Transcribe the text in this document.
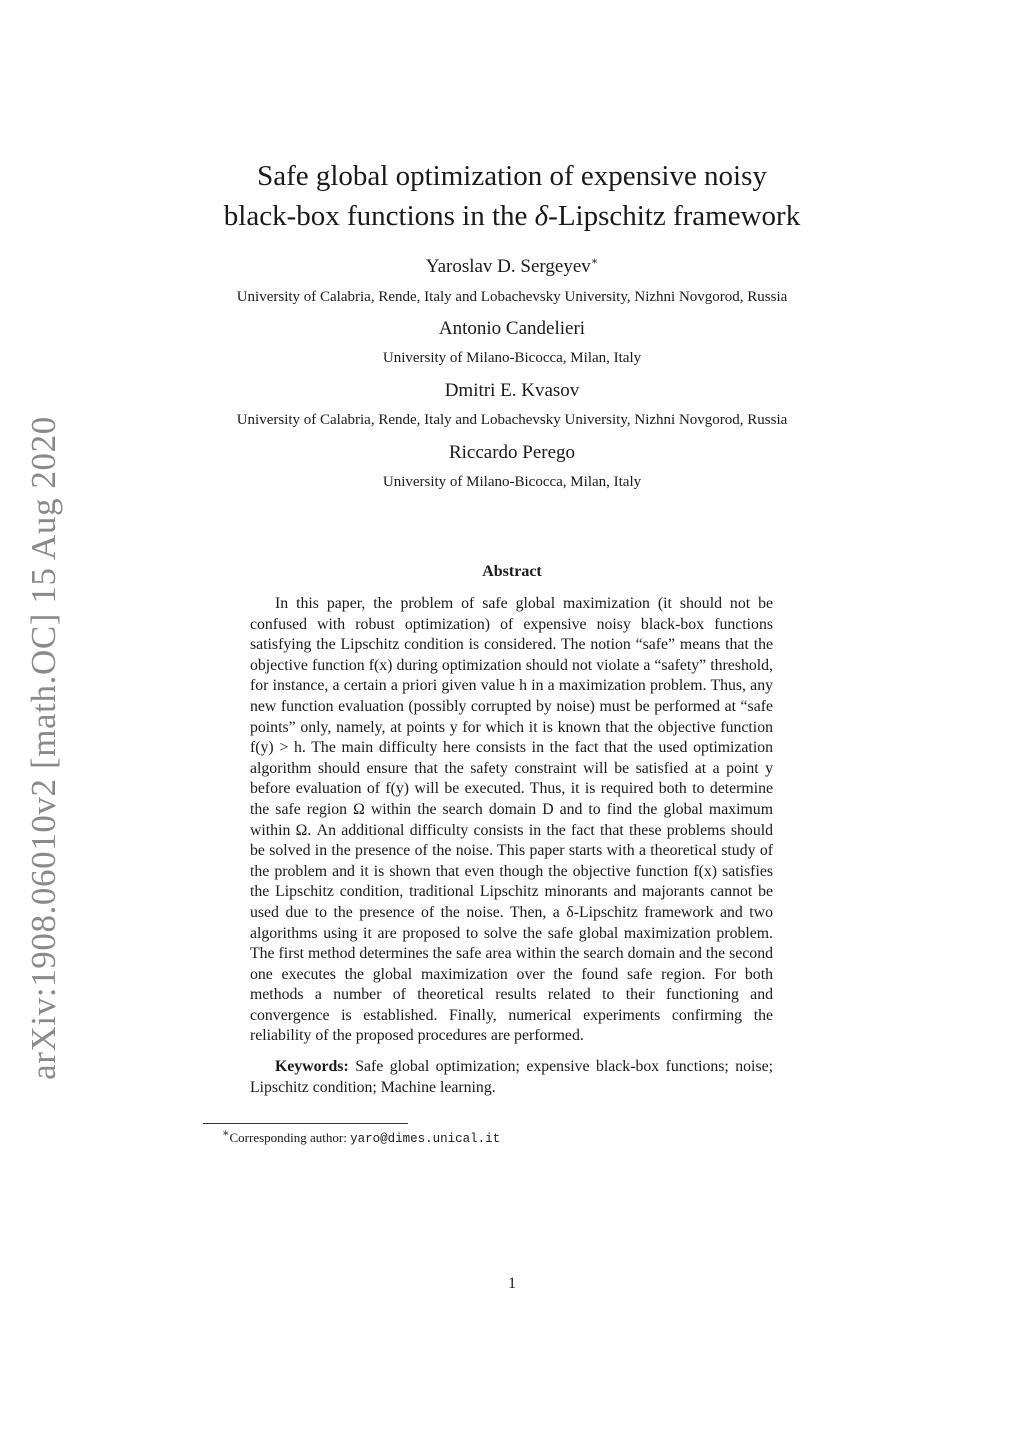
arXiv:1908.06010v2 [math.OC] 15 Aug 2020
Safe global optimization of expensive noisy
black-box functions in the δ-Lipschitz framework
Yaroslav D. Sergeyev∗
University of Calabria, Rende, Italy and Lobachevsky University, Nizhni Novgorod, Russia
Antonio Candelieri
University of Milano-Bicocca, Milan, Italy
Dmitri E. Kvasov
University of Calabria, Rende, Italy and Lobachevsky University, Nizhni Novgorod, Russia
Riccardo Perego
University of Milano-Bicocca, Milan, Italy
Abstract

In this paper, the problem of safe global maximization (it should not be confused with robust optimization) of expensive noisy black-box functions satisfying the Lipschitz condition is considered. The notion “safe” means that the objective function f(x) during optimization should not violate a “safety” threshold, for instance, a certain a priori given value h in a maximization problem. Thus, any new function evaluation (possibly corrupted by noise) must be performed at “safe points” only, namely, at points y for which it is known that the objective function f(y) > h. The main difficulty here consists in the fact that the used optimization algorithm should ensure that the safety constraint will be satisfied at a point y before evaluation of f(y) will be executed. Thus, it is required both to determine the safe region Ω within the search domain D and to find the global maximum within Ω. An additional difficulty consists in the fact that these problems should be solved in the presence of the noise. This paper starts with a theoretical study of the problem and it is shown that even though the objective function f(x) satisfies the Lipschitz condition, traditional Lipschitz minorants and majorants cannot be used due to the presence of the noise. Then, a δ-Lipschitz framework and two algorithms using it are proposed to solve the safe global maximization problem. The first method determines the safe area within the search domain and the second one executes the global maximization over the found safe region. For both methods a number of theoretical results related to their functioning and convergence is established. Finally, numerical experiments confirming the reliability of the proposed procedures are performed.

Keywords: Safe global optimization; expensive black-box functions; noise; Lipschitz condition; Machine learning.

∗Corresponding author: yaro@dimes.unical.it
1
